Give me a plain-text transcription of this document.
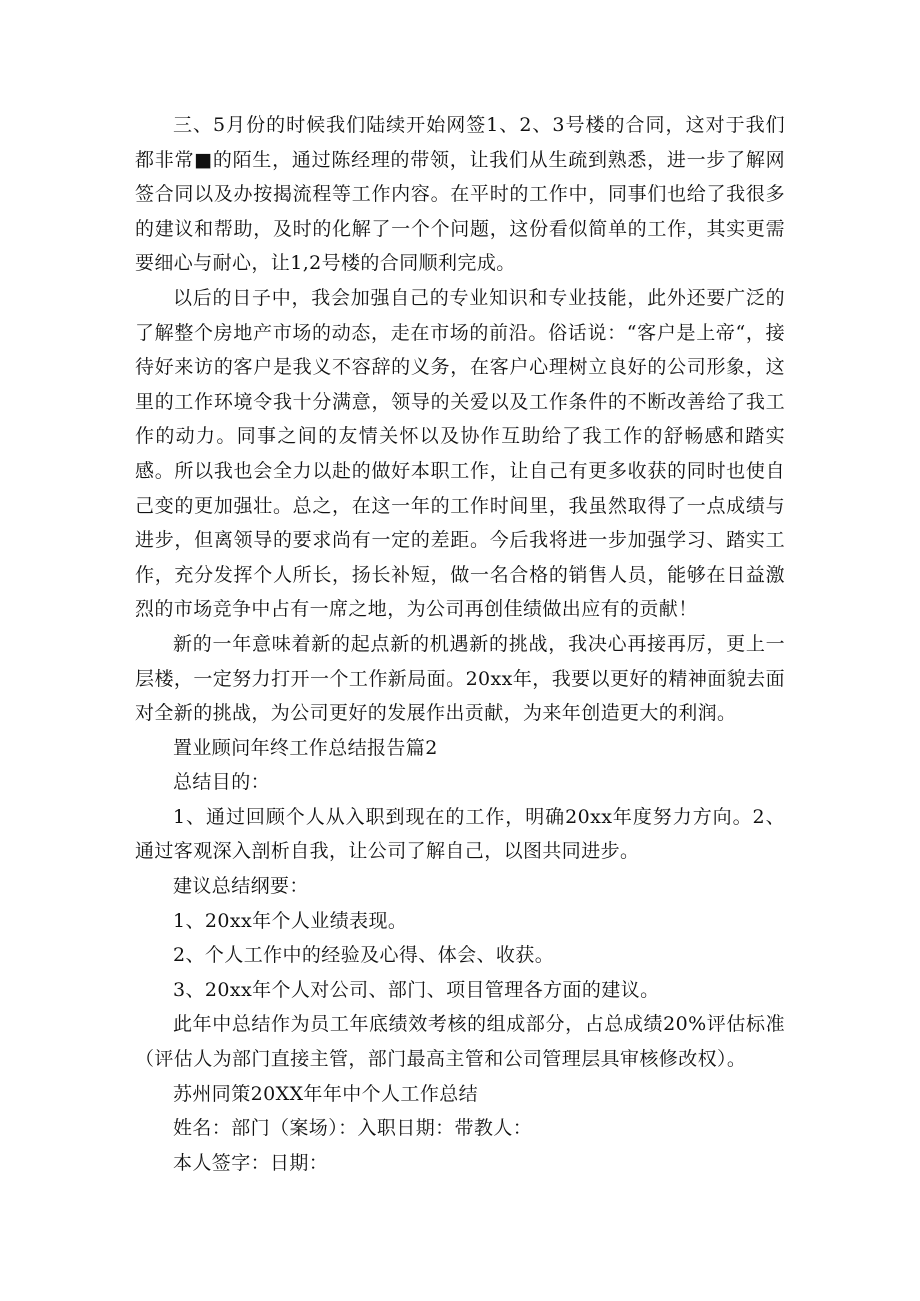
三、5月份的时候我们陆续开始网签1、2、3号楼的合同，这对于我们都非常■的陌生，通过陈经理的带领，让我们从生疏到熟悉，进一步了解网签合同以及办按揭流程等工作内容。在平时的工作中，同事们也给了我很多的建议和帮助，及时的化解了一个个问题，这份看似简单的工作，其实更需要细心与耐心，让1,2号楼的合同顺利完成。

以后的日子中，我会加强自己的专业知识和专业技能，此外还要广泛的了解整个房地产市场的动态，走在市场的前沿。俗话说：“客户是上帝“，接待好来访的客户是我义不容辞的义务，在客户心理树立良好的公司形象，这里的工作环境令我十分满意，领导的关爱以及工作条件的不断改善给了我工作的动力。同事之间的友情关怀以及协作互助给了我工作的舒畅感和踏实感。所以我也会全力以赴的做好本职工作，让自己有更多收获的同时也使自己变的更加强壮。总之，在这一年的工作时间里，我虽然取得了一点成绩与进步，但离领导的要求尚有一定的差距。今后我将进一步加强学习、踏实工作，充分发挥个人所长，扬长补短，做一名合格的销售人员，能够在日益激烈的市场竞争中占有一席之地，为公司再创佳绩做出应有的贡献！

新的一年意味着新的起点新的机遇新的挑战，我决心再接再厉，更上一层楼，一定努力打开一个工作新局面。20xx年，我要以更好的精神面貌去面对全新的挑战，为公司更好的发展作出贡献，为来年创造更大的利润。

置业顾问年终工作总结报告篇2

总结目的：

1、通过回顾个人从入职到现在的工作，明确20xx年度努力方向。2、通过客观深入剖析自我，让公司了解自己，以图共同进步。

建议总结纲要：

1、20xx年个人业绩表现。

2、个人工作中的经验及心得、体会、收获。

3、20xx年个人对公司、部门、项目管理各方面的建议。

此年中总结作为员工年底绩效考核的组成部分，占总成绩20%评估标准（评估人为部门直接主管，部门最高主管和公司管理层具审核修改权）。

苏州同策20XX年年中个人工作总结

姓名：部门（案场）：入职日期：带教人：

本人签字：日期：
